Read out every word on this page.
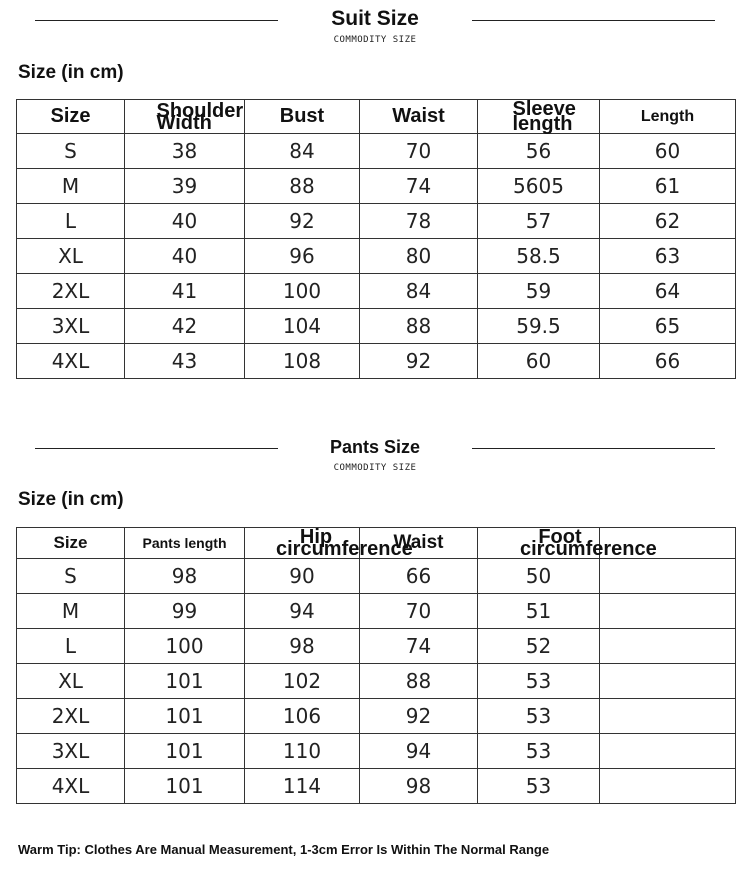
Suit Size
COMMODITY SIZE
Size (in cm)
Size	Shoulder Width	Bust	Waist	Sleeve length	Length
S	38	84	70	56	60
M	39	88	74	5605	61
L	40	92	78	57	62
XL	40	96	80	58.5	63
2XL	41	100	84	59	64
3XL	42	104	88	59.5	65
4XL	43	108	92	60	66
Pants Size
COMMODITY SIZE
Size (in cm)
Size	Pants length	Hip circumference	Waist	Foot circumference	
S	98	90	66	50	
M	99	94	70	51	
L	100	98	74	52	
XL	101	102	88	53	
2XL	101	106	92	53	
3XL	101	110	94	53	
4XL	101	114	98	53	
Warm Tip: Clothes Are Manual Measurement, 1-3cm Error Is Within The Normal Range
